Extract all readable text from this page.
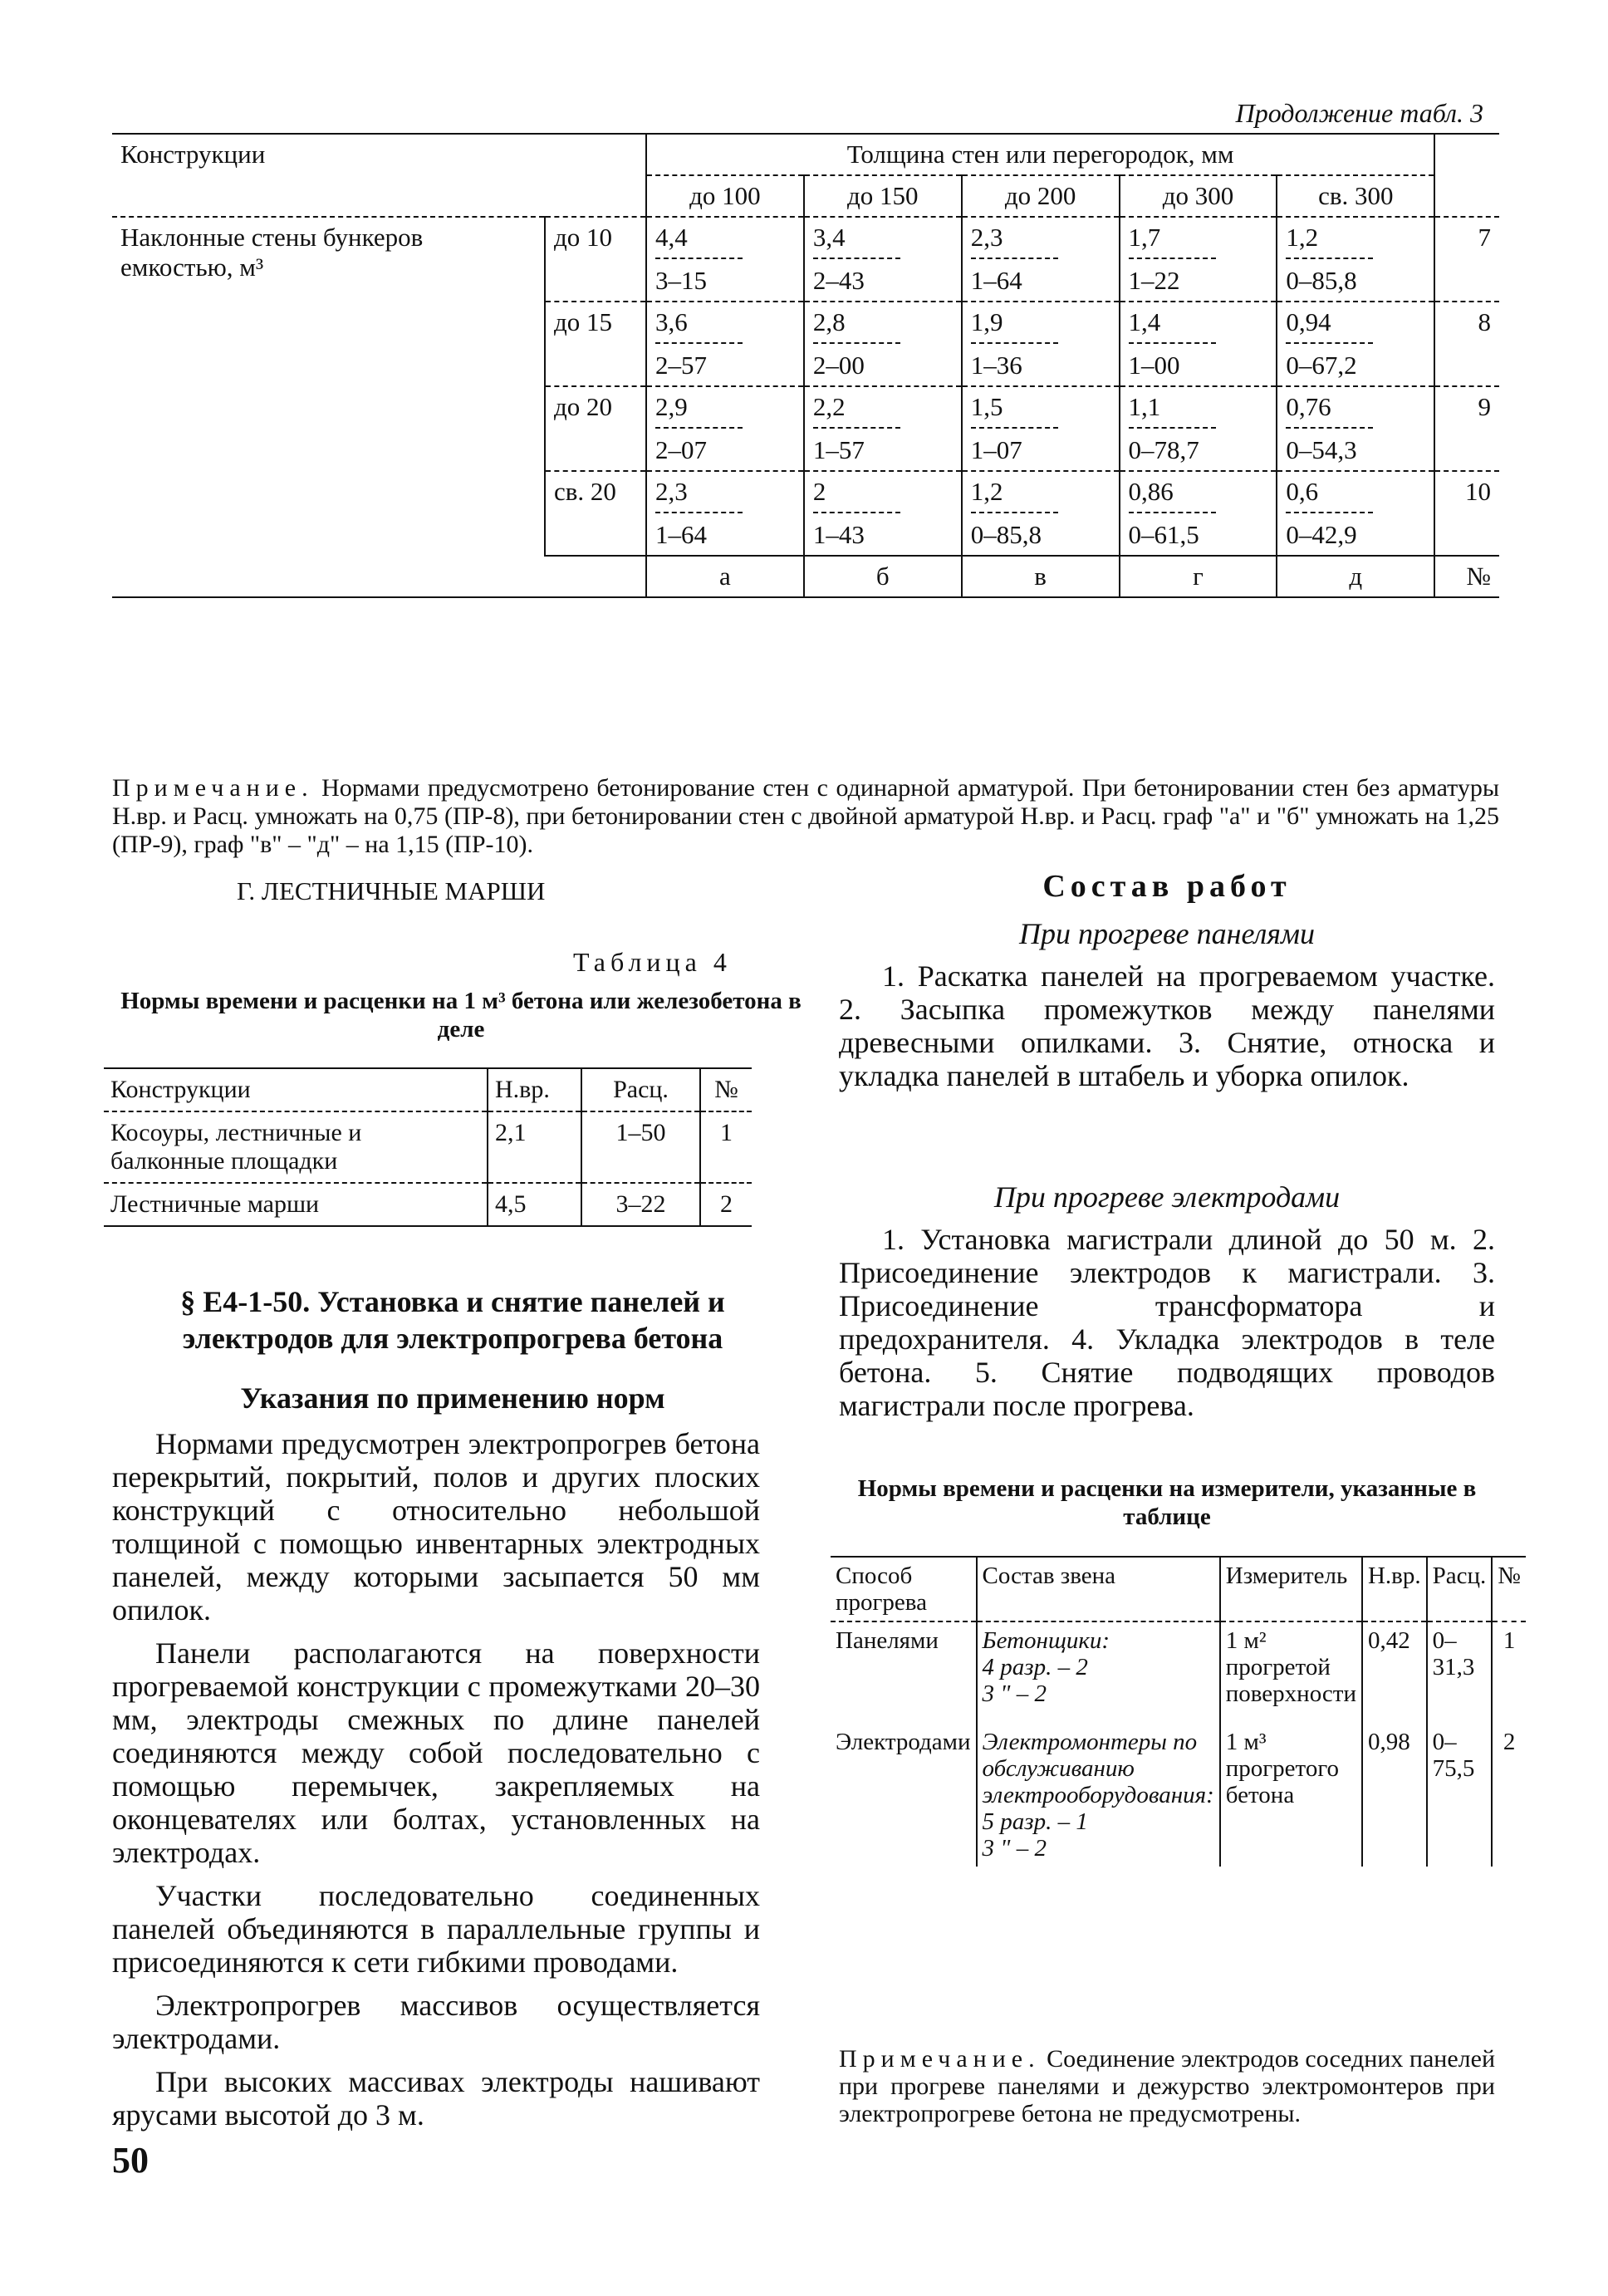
Продолжение табл. 3
Конструкции		Толщина стен или перегородок, мм					
		до 100	до 150	до 200	до 300	св. 300	
Наклонные стены бункеров емкостью, м³	до 10	$\frac{4,4}{3-15}$	$\frac{3,4}{2-43}$	$\frac{2,3}{1-64}$	$\frac{1,7}{1-22}$	$\frac{1,2}{0-85,8}$	7
	до 15	$\frac{3,6}{2-57}$	$\frac{2,8}{2-00}$	$\frac{1,9}{1-36}$	$\frac{1,4}{1-00}$	$\frac{0,94}{0-67,2}$	8
	до 20	$\frac{2,9}{2-07}$	$\frac{2,2}{1-57}$	$\frac{1,5}{1-07}$	$\frac{1,1}{0-78,7}$	$\frac{0,76}{0-54,3}$	9
	св. 20	$\frac{2,3}{1-64}$	$\frac{2}{1-43}$	$\frac{1,2}{0-85,8}$	$\frac{0,86}{0-61,5}$	$\frac{0,6}{0-42,9}$	10
		а	б	в	г	д	№
Примечание. Нормами предусмотрено бетонирование стен с одинарной арматурой. При бетонировании стен без арматуры Н.вр. и Расц. умножать на 0,75 (ПР-8), при бетонировании стен с двойной арматурой Н.вр. и Расц. граф "а" и "б" умножать на 1,25 (ПР-9), граф "в" – "д" – на 1,15 (ПР-10).
Г. ЛЕСТНИЧНЫЕ МАРШИ
Таблица 4
Нормы времени и расценки на 1 м³ бетона или железобетона в деле
Конструкции	Н.вр.	Расц.	№
Косоуры, лестничные и балконные площадки	2,1	1–50	1
Лестничные марши	4,5	3–22	2
§ Е4-1-50. Установка и снятие панелей и электродов для электропрогрева бетона
Указания по применению норм

Нормами предусмотрен электропрогрев бетона перекрытий, покрытий, полов и других плоских конструкций с относительно небольшой толщиной с помощью инвентарных электродных панелей, между которыми засыпается 50 мм опилок.

Панели располагаются на поверхности прогреваемой конструкции с промежутками 20–30 мм, электроды смежных по длине панелей соединяются между собой последовательно с помощью перемычек, закрепляемых на оконцевателях или болтах, установленных на электродах.

Участки последовательно соединенных панелей объединяются в параллельные группы и присоединяются к сети гибкими проводами.

Электропрогрев массивов осуществляется электродами.

При высоких массивах электроды нашивают ярусами высотой до 3 м.

50
Состав работ
При прогреве панелями

1. Раскатка панелей на прогреваемом участке. 2. Засыпка промежутков между панелями древесными опилками. 3. Снятие, относка и укладка панелей в штабель и уборка опилок.

При прогреве электродами

1. Установка магистрали длиной до 50 м. 2. Присоединение электродов к магистрали. 3. Присоединение трансформатора и предохранителя. 4. Укладка электродов в теле бетона. 5. Снятие подводящих проводов магистрали после прогрева.

Нормы времени и расценки на измерители, указанные в таблице
Способ прогрева	Состав звена	Измеритель	Н.вр.	Расц.	№
Панелями	Бетонщики:
4 разр. – 2
3 " – 2	1 м² прогретой поверхности	0,42	0–31,3	1
Электродами	Электромонтеры по обслуживанию электрооборудования:
5 разр. – 1
3 " – 2	1 м³ прогретого бетона	0,98	0–75,5	2
Примечание. Соединение электродов соседних панелей при прогреве панелями и дежурство электромонтеров при электропрогреве бетона не предусмотрены.
